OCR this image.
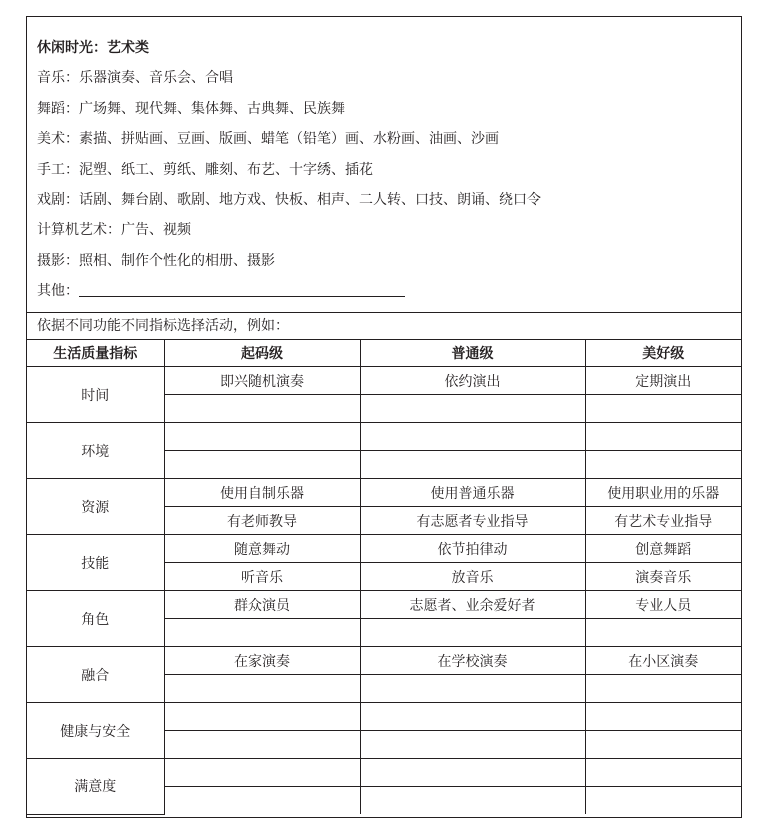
休闲时光：艺术类
音乐：乐器演奏、音乐会、合唱
舞蹈：广场舞、现代舞、集体舞、古典舞、民族舞
美术：素描、拼贴画、豆画、版画、蜡笔（铅笔）画、水粉画、油画、沙画
手工：泥塑、纸工、剪纸、雕刻、布艺、十字绣、插花
戏剧：话剧、舞台剧、歌剧、地方戏、快板、相声、二人转、口技、朗诵、绕口令
计算机艺术：广告、视频
摄影：照相、制作个性化的相册、摄影
其他：
依据不同功能不同指标选择活动，例如：
生活质量指标	起码级	普通级	美好级
时间	即兴随机演奏	依约演出	定期演出

环境			

资源	使用自制乐器	使用普通乐器	使用职业用的乐器
	有老师教导	有志愿者专业指导	有艺术专业指导
技能	随意舞动	依节拍律动	创意舞蹈
	听音乐	放音乐	演奏音乐
角色	群众演员	志愿者、业余爱好者	专业人员

融合	在家演奏	在学校演奏	在小区演奏

健康与安全			

满意度			
